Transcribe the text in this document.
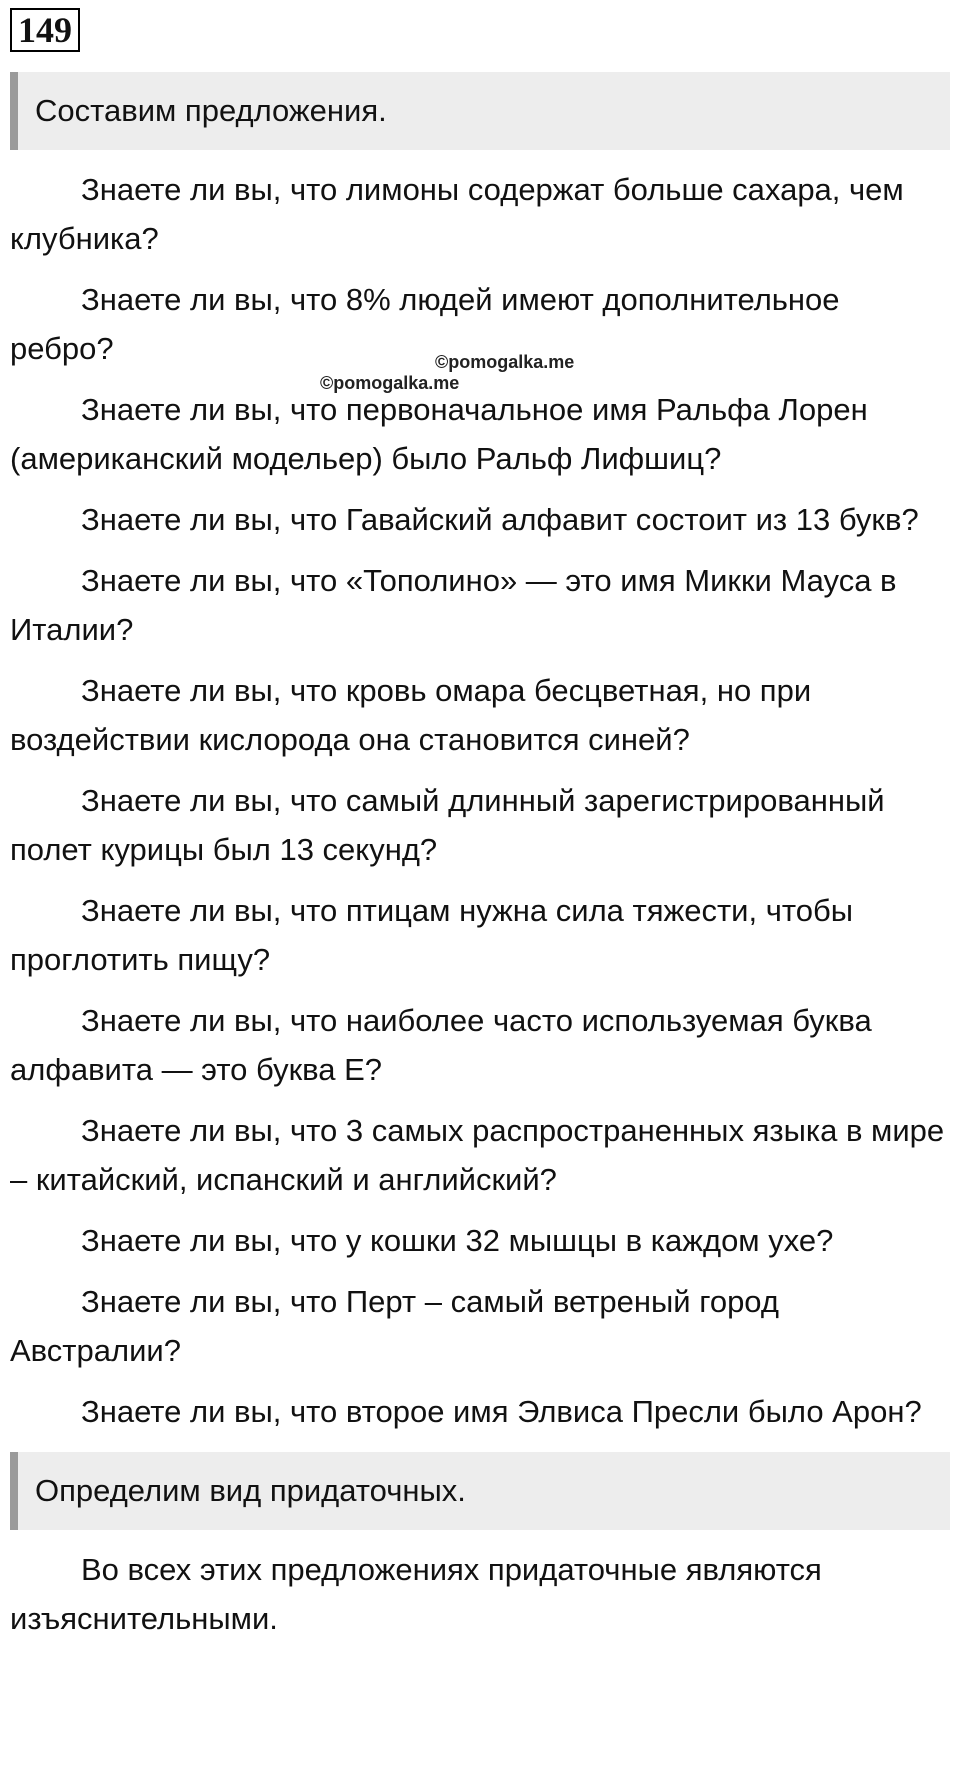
149
Составим предложения.

Знаете ли вы, что лимоны содержат больше сахара, чем клубника?

Знаете ли вы, что 8% людей имеют дополнительное ребро?

Знаете ли вы, что первоначальное имя Ральфа Лорен (американский модельер) было Ральф Лифшиц?

Знаете ли вы, что Гавайский алфавит состоит из 13 букв?

Знаете ли вы, что «Тополино» — это имя Микки Мауса в Италии?

Знаете ли вы, что кровь омара бесцветная, но при воздействии кислорода она становится синей?

Знаете ли вы, что самый длинный зарегистрированный полет курицы был 13 секунд?

Знаете ли вы, что птицам нужна сила тяжести, чтобы проглотить пищу?

Знаете ли вы, что наиболее часто используемая буква алфавита — это буква Е?

Знаете ли вы, что 3 самых распространенных языка в мире – китайский, испанский и английский?

Знаете ли вы, что у кошки 32 мышцы в каждом ухе?

Знаете ли вы, что Перт – самый ветреный город Австралии?

Знаете ли вы, что второе имя Элвиса Пресли было Арон?

Определим вид придаточных.

Во всех этих предложениях придаточные являются изъяснительными.

©pomogalka.me
©pomogalka.me
